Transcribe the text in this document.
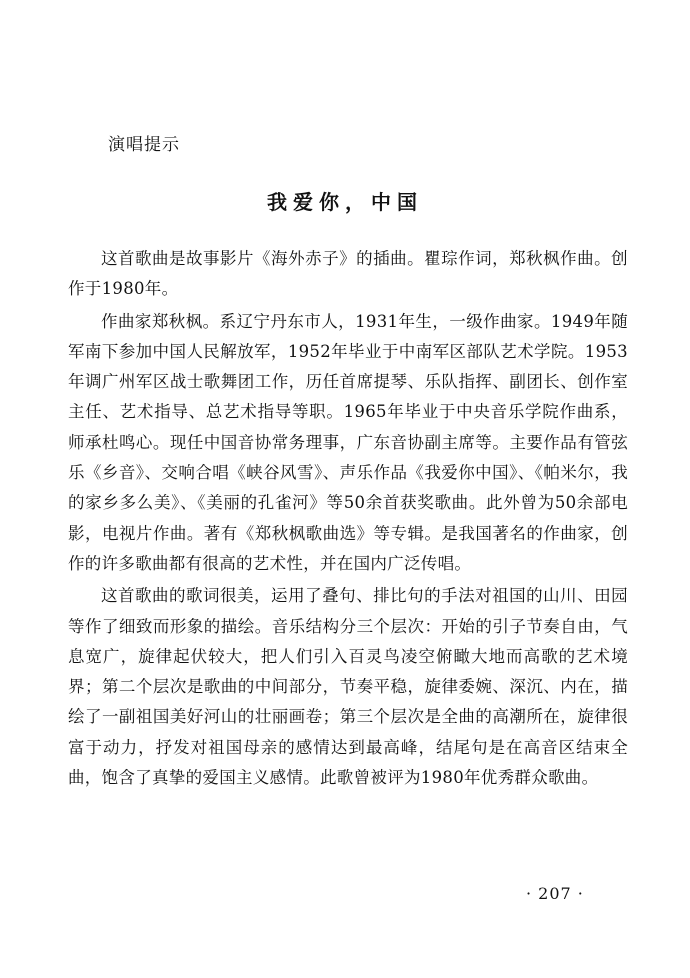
演唱提示
我爱你，中国

这首歌曲是故事影片《海外赤子》的插曲。瞿琮作词，郑秋枫作曲。创作于1980年。

作曲家郑秋枫。系辽宁丹东市人，1931年生，一级作曲家。1949年随军南下参加中国人民解放军，1952年毕业于中南军区部队艺术学院。1953年调广州军区战士歌舞团工作，历任首席提琴、乐队指挥、副团长、创作室主任、艺术指导、总艺术指导等职。1965年毕业于中央音乐学院作曲系，师承杜鸣心。现任中国音协常务理事，广东音协副主席等。主要作品有管弦乐《乡音》、交响合唱《峡谷风雪》、声乐作品《我爱你中国》、《帕米尔，我的家乡多么美》、《美丽的孔雀河》等50余首获奖歌曲。此外曾为50余部电影，电视片作曲。著有《郑秋枫歌曲选》等专辑。是我国著名的作曲家，创作的许多歌曲都有很高的艺术性，并在国内广泛传唱。

这首歌曲的歌词很美，运用了叠句、排比句的手法对祖国的山川、田园等作了细致而形象的描绘。音乐结构分三个层次：开始的引子节奏自由，气息宽广，旋律起伏较大，把人们引入百灵鸟凌空俯瞰大地而高歌的艺术境界；第二个层次是歌曲的中间部分，节奏平稳，旋律委婉、深沉、内在，描绘了一副祖国美好河山的壮丽画卷；第三个层次是全曲的高潮所在，旋律很富于动力，抒发对祖国母亲的感情达到最高峰，结尾句是在高音区结束全曲，饱含了真挚的爱国主义感情。此歌曾被评为1980年优秀群众歌曲。

· 207 ·
